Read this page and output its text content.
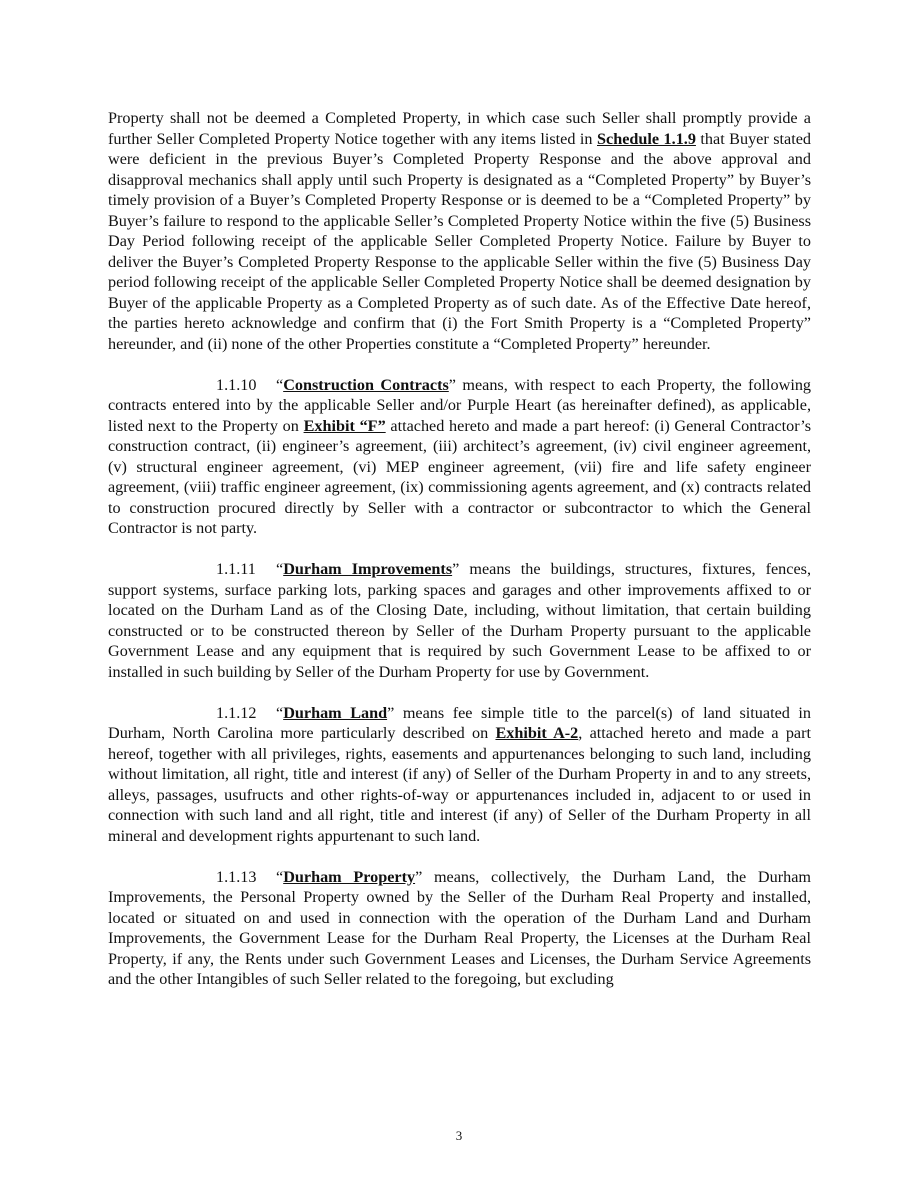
Property shall not be deemed a Completed Property, in which case such Seller shall promptly provide a further Seller Completed Property Notice together with any items listed in Schedule 1.1.9 that Buyer stated were deficient in the previous Buyer’s Completed Property Response and the above approval and disapproval mechanics shall apply until such Property is designated as a “Completed Property” by Buyer’s timely provision of a Buyer’s Completed Property Response or is deemed to be a “Completed Property” by Buyer’s failure to respond to the applicable Seller’s Completed Property Notice within the five (5) Business Day Period following receipt of the applicable Seller Completed Property Notice. Failure by Buyer to deliver the Buyer’s Completed Property Response to the applicable Seller within the five (5) Business Day period following receipt of the applicable Seller Completed Property Notice shall be deemed designation by Buyer of the applicable Property as a Completed Property as of such date. As of the Effective Date hereof, the parties hereto acknowledge and confirm that (i) the Fort Smith Property is a “Completed Property” hereunder, and (ii) none of the other Properties constitute a “Completed Property” hereunder.

1.1.10 “Construction Contracts” means, with respect to each Property, the following contracts entered into by the applicable Seller and/or Purple Heart (as hereinafter defined), as applicable, listed next to the Property on Exhibit “F” attached hereto and made a part hereof: (i) General Contractor’s construction contract, (ii) engineer’s agreement, (iii) architect’s agreement, (iv) civil engineer agreement, (v) structural engineer agreement, (vi) MEP engineer agreement, (vii) fire and life safety engineer agreement, (viii) traffic engineer agreement, (ix) commissioning agents agreement, and (x) contracts related to construction procured directly by Seller with a contractor or subcontractor to which the General Contractor is not party.

1.1.11 “Durham Improvements” means the buildings, structures, fixtures, fences, support systems, surface parking lots, parking spaces and garages and other improvements affixed to or located on the Durham Land as of the Closing Date, including, without limitation, that certain building constructed or to be constructed thereon by Seller of the Durham Property pursuant to the applicable Government Lease and any equipment that is required by such Government Lease to be affixed to or installed in such building by Seller of the Durham Property for use by Government.

1.1.12 “Durham Land” means fee simple title to the parcel(s) of land situated in Durham, North Carolina more particularly described on Exhibit A-2, attached hereto and made a part hereof, together with all privileges, rights, easements and appurtenances belonging to such land, including without limitation, all right, title and interest (if any) of Seller of the Durham Property in and to any streets, alleys, passages, usufructs and other rights-of-way or appurtenances included in, adjacent to or used in connection with such land and all right, title and interest (if any) of Seller of the Durham Property in all mineral and development rights appurtenant to such land.

1.1.13 “Durham Property” means, collectively, the Durham Land, the Durham Improvements, the Personal Property owned by the Seller of the Durham Real Property and installed, located or situated on and used in connection with the operation of the Durham Land and Durham Improvements, the Government Lease for the Durham Real Property, the Licenses at the Durham Real Property, if any, the Rents under such Government Leases and Licenses, the Durham Service Agreements and the other Intangibles of such Seller related to the foregoing, but excluding

3
